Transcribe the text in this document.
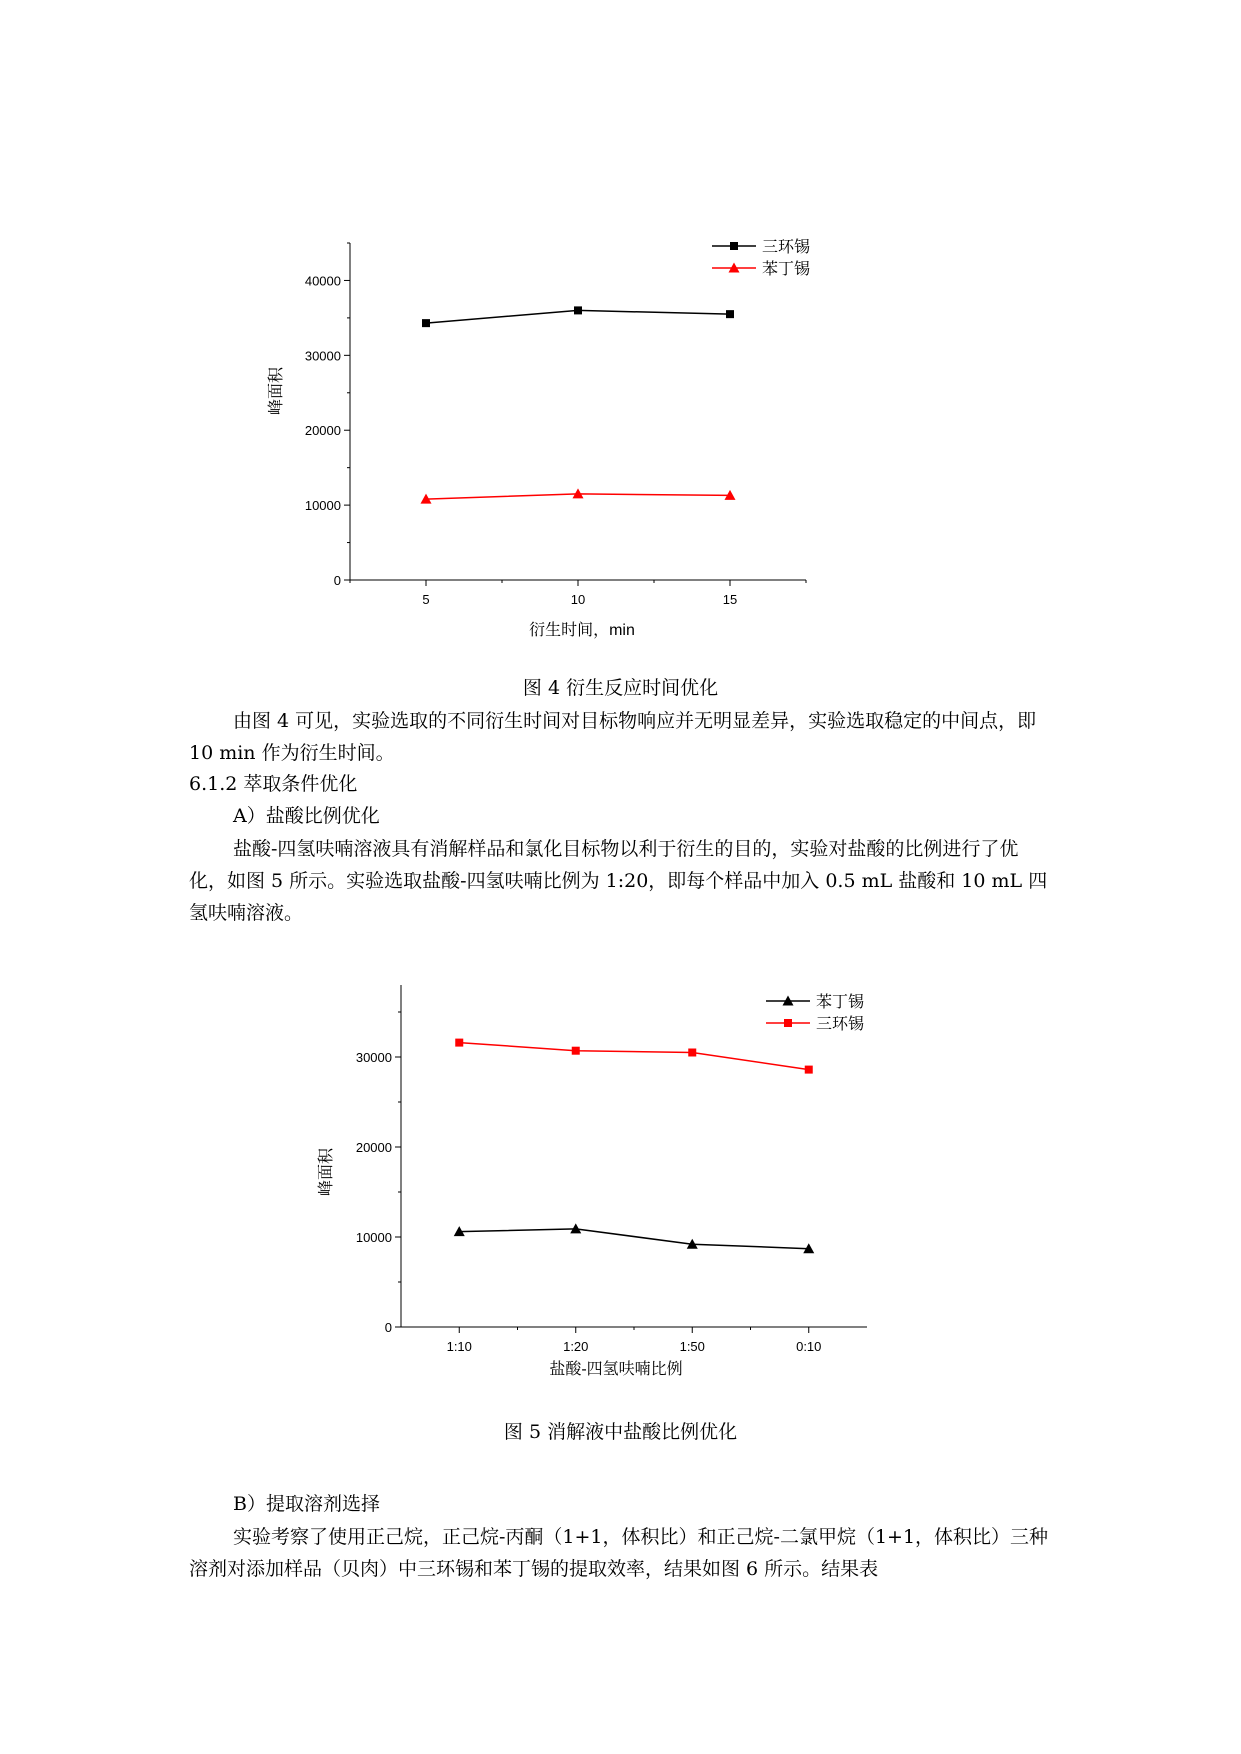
峰面积
衍生时间，min
0
10000
20000
30000
40000
5	10	15
三环锡
苯丁锡
图 4 衍生反应时间优化
由图 4 可见，实验选取的不同衍生时间对目标物响应并无明显差异，实验选取稳定的中间点，即 10 min 作为衍生时间。
6.1.2 萃取条件优化
A）盐酸比例优化
盐酸-四氢呋喃溶液具有消解样品和氯化目标物以利于衍生的目的，实验对盐酸的比例进行了优化，如图 5 所示。实验选取盐酸-四氢呋喃比例为 1:20，即每个样品中加入 0.5 mL 盐酸和 10 mL 四氢呋喃溶液。
峰面积
盐酸-四氢呋喃比例
0
10000
20000
30000
1:10	1:20	1:50	0:10
苯丁锡
三环锡
图 5 消解液中盐酸比例优化
B）提取溶剂选择
实验考察了使用正己烷，正己烷-丙酮（1+1，体积比）和正己烷-二氯甲烷（1+1，体积比）三种溶剂对添加样品（贝肉）中三环锡和苯丁锡的提取效率，结果如图 6 所示。结果表
